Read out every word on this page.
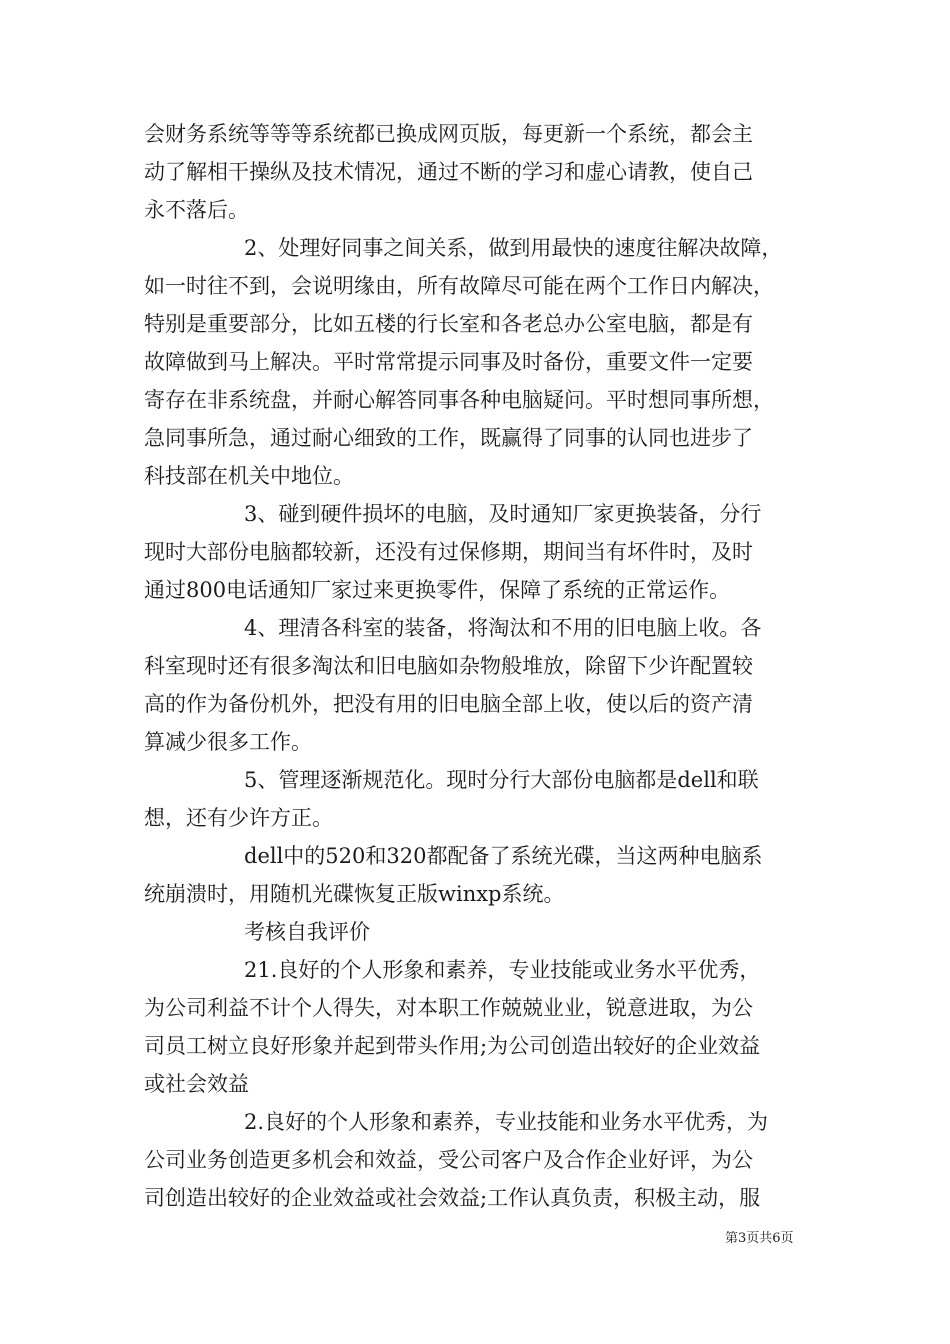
会财务系统等等等系统都已换成网页版，每更新一个系统，都会主
动了解相干操纵及技术情况，通过不断的学习和虚心请教，使自己
永不落后。
2、处理好同事之间关系，做到用最快的速度往解决故障，
如一时往不到，会说明缘由，所有故障尽可能在两个工作日内解决，
特别是重要部分，比如五楼的行长室和各老总办公室电脑，都是有
故障做到马上解决。平时常常提示同事及时备份，重要文件一定要
寄存在非系统盘，并耐心解答同事各种电脑疑问。平时想同事所想，
急同事所急，通过耐心细致的工作，既赢得了同事的认同也进步了
科技部在机关中地位。
3、碰到硬件损坏的电脑，及时通知厂家更换装备，分行
现时大部份电脑都较新，还没有过保修期，期间当有坏件时，及时
通过800电话通知厂家过来更换零件，保障了系统的正常运作。
4、理清各科室的装备，将淘汰和不用的旧电脑上收。各
科室现时还有很多淘汰和旧电脑如杂物般堆放，除留下少许配置较
高的作为备份机外，把没有用的旧电脑全部上收，使以后的资产清
算减少很多工作。
5、管理逐渐规范化。现时分行大部份电脑都是dell和联
想，还有少许方正。
dell中的520和320都配备了系统光碟，当这两种电脑系
统崩溃时，用随机光碟恢复正版winxp系统。
考核自我评价
21.良好的个人形象和素养，专业技能或业务水平优秀，
为公司利益不计个人得失，对本职工作兢兢业业，锐意进取，为公
司员工树立良好形象并起到带头作用;为公司创造出较好的企业效益
或社会效益
2.良好的个人形象和素养，专业技能和业务水平优秀，为
公司业务创造更多机会和效益，受公司客户及合作企业好评，为公
司创造出较好的企业效益或社会效益;工作认真负责，积极主动，服
第3页共6页
